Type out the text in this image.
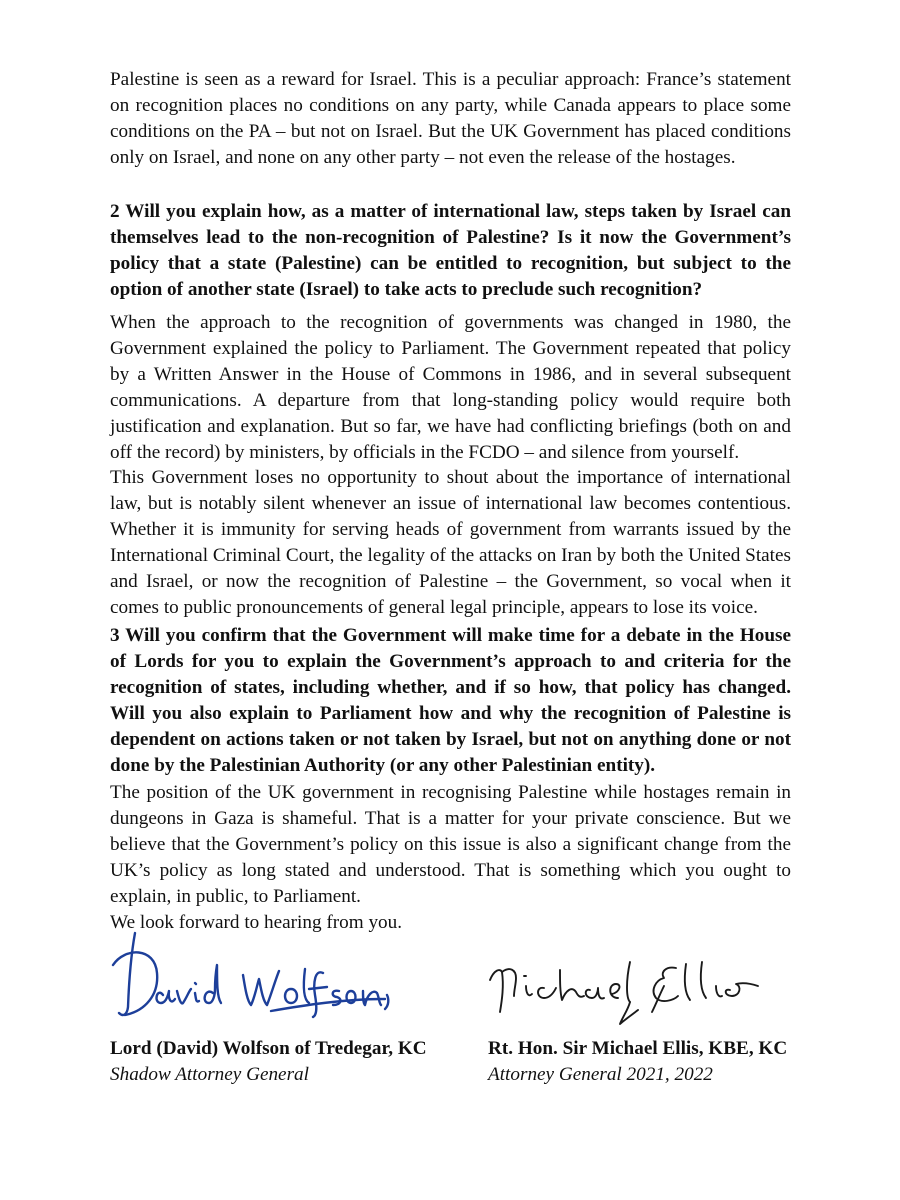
Palestine is seen as a reward for Israel. This is a peculiar approach: France’s statement on recognition places no conditions on any party, while Canada appears to place some conditions on the PA – but not on Israel. But the UK Government has placed conditions only on Israel, and none on any other party – not even the release of the hostages.

2 Will you explain how, as a matter of international law, steps taken by Israel can themselves lead to the non-recognition of Palestine? Is it now the Government’s policy that a state (Palestine) can be entitled to recognition, but subject to the option of another state (Israel) to take acts to preclude such recognition?

When the approach to the recognition of governments was changed in 1980, the Government explained the policy to Parliament. The Government repeated that policy by a Written Answer in the House of Commons in 1986, and in several subsequent communications. A departure from that long-standing policy would require both justification and explanation. But so far, we have had conflicting briefings (both on and off the record) by ministers, by officials in the FCDO – and silence from yourself.

This Government loses no opportunity to shout about the importance of international law, but is notably silent whenever an issue of international law becomes contentious. Whether it is immunity for serving heads of government from warrants issued by the International Criminal Court, the legality of the attacks on Iran by both the United States and Israel, or now the recognition of Palestine – the Government, so vocal when it comes to public pronouncements of general legal principle, appears to lose its voice.

3 Will you confirm that the Government will make time for a debate in the House of Lords for you to explain the Government’s approach to and criteria for the recognition of states, including whether, and if so how, that policy has changed. Will you also explain to Parliament how and why the recognition of Palestine is dependent on actions taken or not taken by Israel, but not on anything done or not done by the Palestinian Authority (or any other Palestinian entity).

The position of the UK government in recognising Palestine while hostages remain in dungeons in Gaza is shameful. That is a matter for your private conscience. But we believe that the Government’s policy on this issue is also a significant change from the UK’s policy as long stated and understood. That is something which you ought to explain, in public, to Parliament.

We look forward to hearing from you.

Lord (David) Wolfson of Tredegar, KC
Shadow Attorney General
Rt. Hon. Sir Michael Ellis, KBE, KC
Attorney General 2021, 2022
